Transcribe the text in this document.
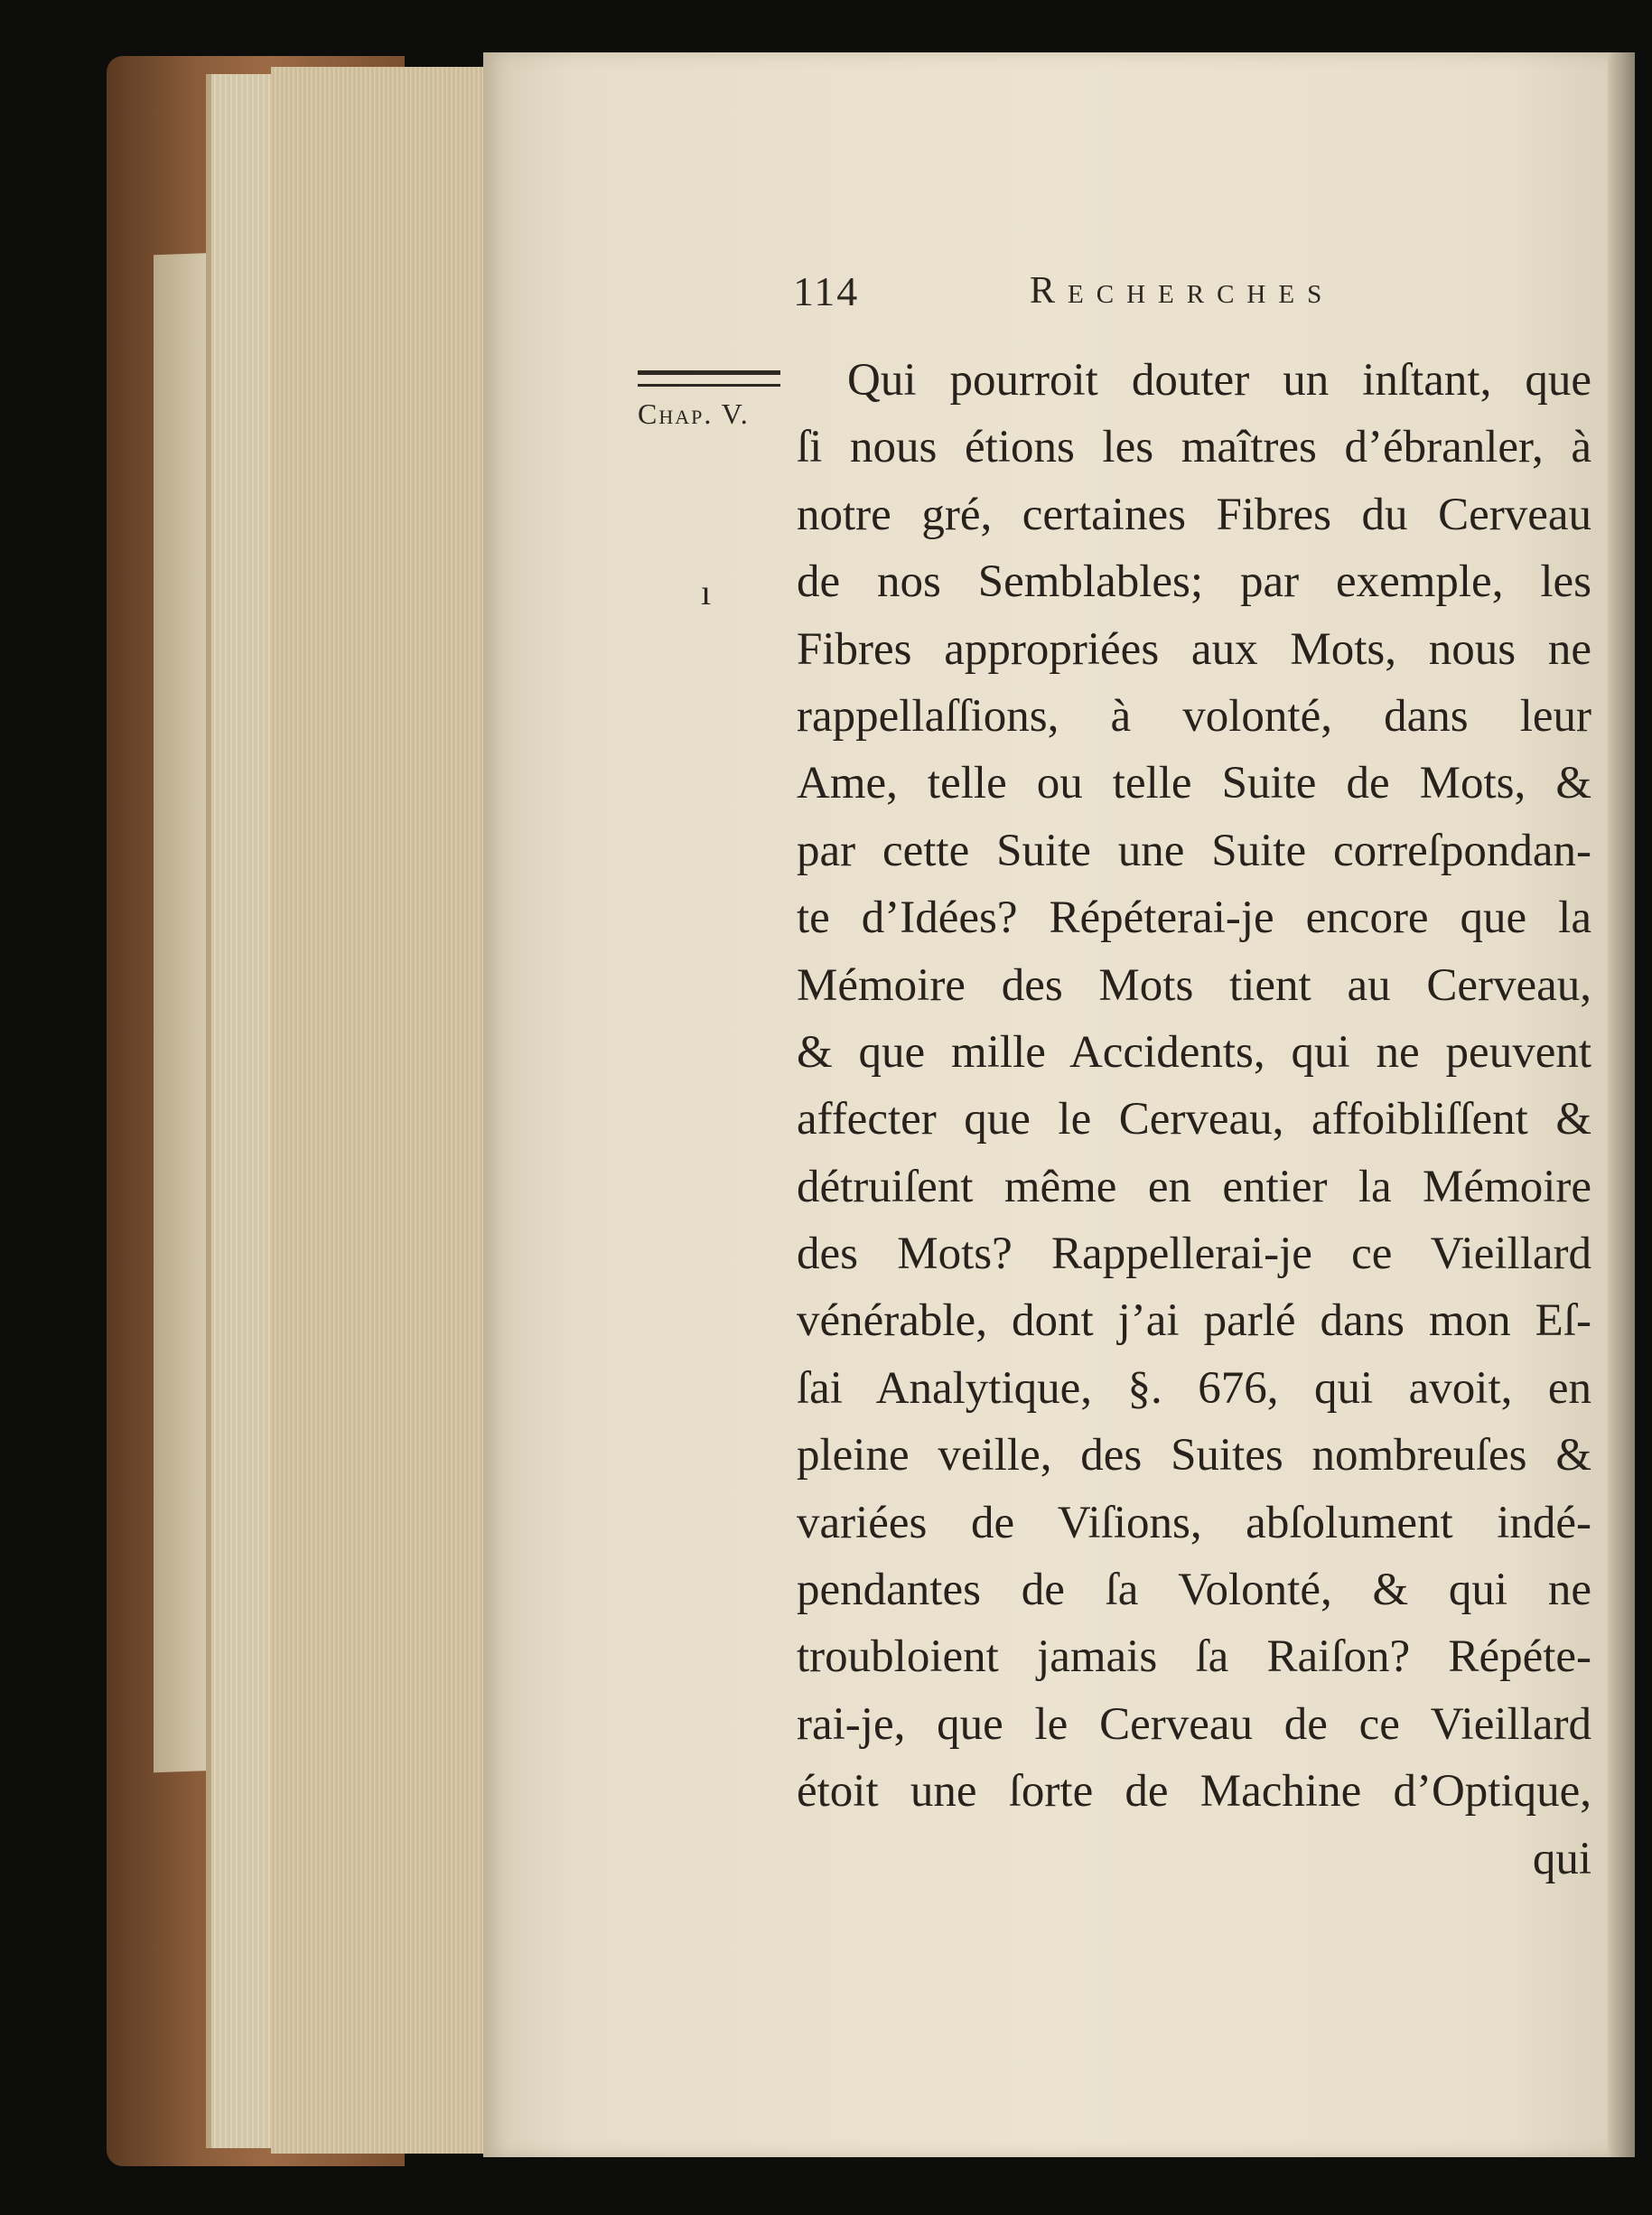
114	Recherches
Chap. V.
ı
Qui pourroit douter un inſtant, que
ſi nous étions les maîtres d’ébranler, à
notre gré, certaines Fibres du Cerveau
de nos Semblables; par exemple, les
Fibres appropriées aux Mots, nous ne
rappellaſſions, à volonté, dans leur
Ame, telle ou telle Suite de Mots, &
par cette Suite une Suite correſpondan-
te d’Idées? Répéterai-je encore que la
Mémoire des Mots tient au Cerveau,
& que mille Accidents, qui ne peuvent
affecter que le Cerveau, affoibliſſent &
détruiſent même en entier la Mémoire
des Mots? Rappellerai-je ce Vieillard
vénérable, dont j’ai parlé dans mon Eſ-
ſai Analytique, §. 676, qui avoit, en
pleine veille, des Suites nombreuſes &
variées de Viſions, abſolument indé-
pendantes de ſa Volonté, & qui ne
troubloient jamais ſa Raiſon? Répéte-
rai-je, que le Cerveau de ce Vieillard
étoit une ſorte de Machine d’Optique,
qui
